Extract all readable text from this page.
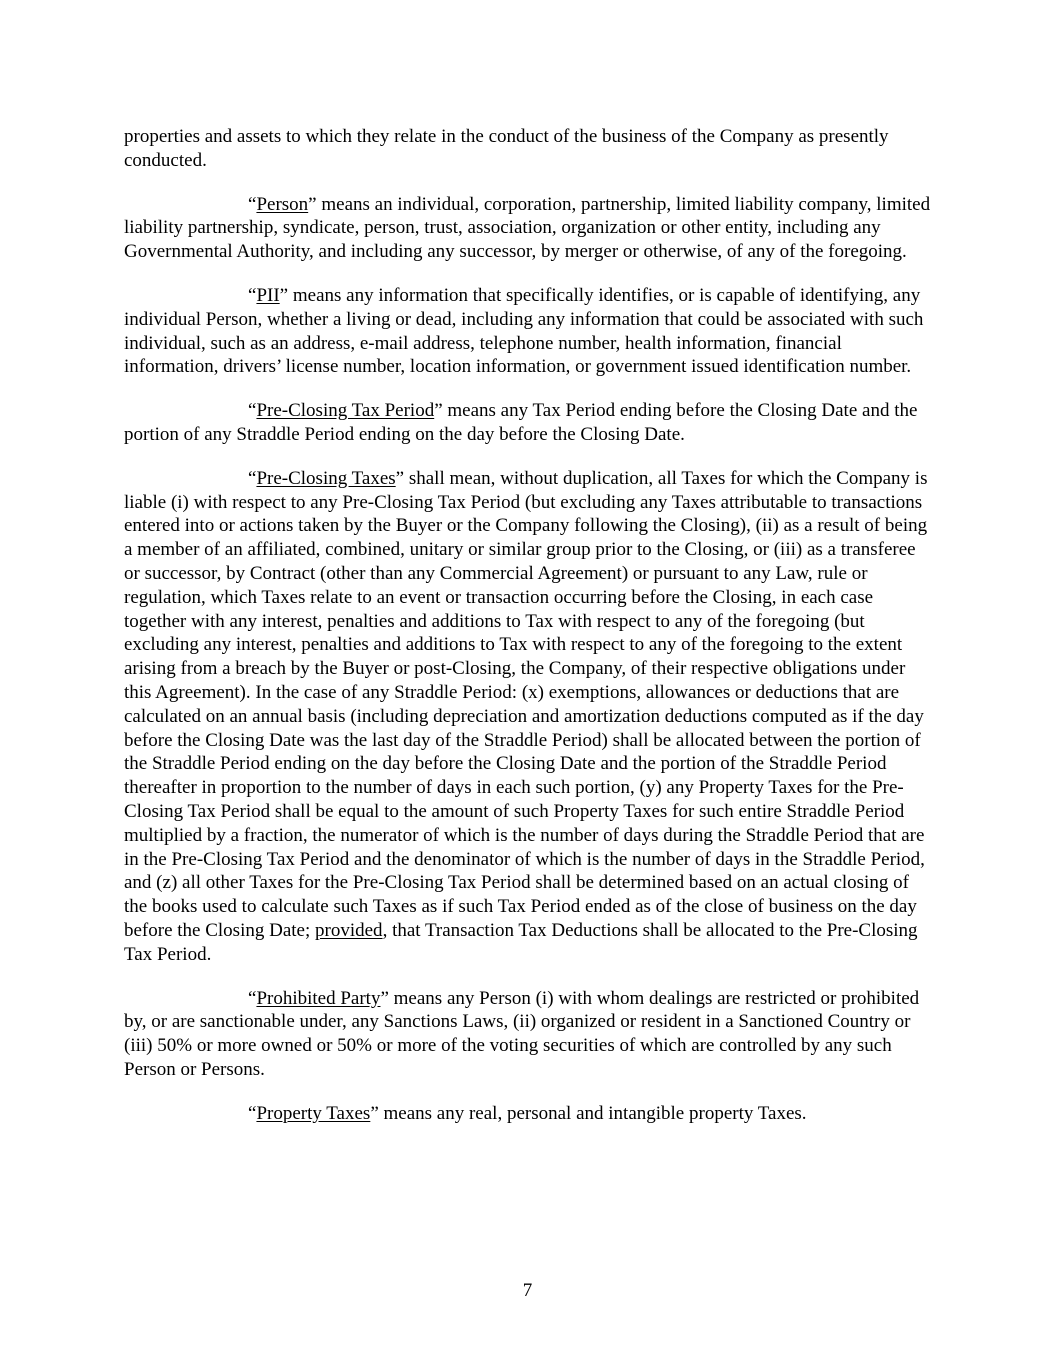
properties and assets to which they relate in the conduct of the business of the Company as presently conducted.

“Person” means an individual, corporation, partnership, limited liability company, limited liability partnership, syndicate, person, trust, association, organization or other entity, including any Governmental Authority, and including any successor, by merger or otherwise, of any of the foregoing.

“PII” means any information that specifically identifies, or is capable of identifying, any individual Person, whether a living or dead, including any information that could be associated with such individual, such as an address, e-mail address, telephone number, health information, financial information, drivers’ license number, location information, or government issued identification number.

“Pre-Closing Tax Period” means any Tax Period ending before the Closing Date and the portion of any Straddle Period ending on the day before the Closing Date.

“Pre-Closing Taxes” shall mean, without duplication, all Taxes for which the Company is liable (i) with respect to any Pre-Closing Tax Period (but excluding any Taxes attributable to transactions entered into or actions taken by the Buyer or the Company following the Closing), (ii) as a result of being a member of an affiliated, combined, unitary or similar group prior to the Closing, or (iii) as a transferee or successor, by Contract (other than any Commercial Agreement) or pursuant to any Law, rule or regulation, which Taxes relate to an event or transaction occurring before the Closing, in each case together with any interest, penalties and additions to Tax with respect to any of the foregoing (but excluding any interest, penalties and additions to Tax with respect to any of the foregoing to the extent arising from a breach by the Buyer or post-Closing, the Company, of their respective obligations under this Agreement). In the case of any Straddle Period: (x) exemptions, allowances or deductions that are calculated on an annual basis (including depreciation and amortization deductions computed as if the day before the Closing Date was the last day of the Straddle Period) shall be allocated between the portion of the Straddle Period ending on the day before the Closing Date and the portion of the Straddle Period thereafter in proportion to the number of days in each such portion, (y) any Property Taxes for the Pre-Closing Tax Period shall be equal to the amount of such Property Taxes for such entire Straddle Period multiplied by a fraction, the numerator of which is the number of days during the Straddle Period that are in the Pre-Closing Tax Period and the denominator of which is the number of days in the Straddle Period, and (z) all other Taxes for the Pre-Closing Tax Period shall be determined based on an actual closing of the books used to calculate such Taxes as if such Tax Period ended as of the close of business on the day before the Closing Date; provided, that Transaction Tax Deductions shall be allocated to the Pre-Closing Tax Period.

“Prohibited Party” means any Person (i) with whom dealings are restricted or prohibited by, or are sanctionable under, any Sanctions Laws, (ii) organized or resident in a Sanctioned Country or (iii) 50% or more owned or 50% or more of the voting securities of which are controlled by any such Person or Persons.

“Property Taxes” means any real, personal and intangible property Taxes.

7
